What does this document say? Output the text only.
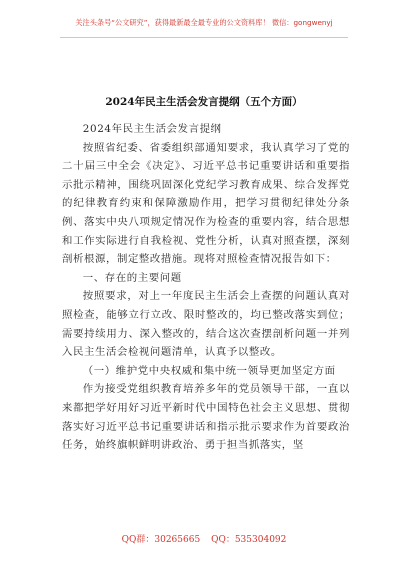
关注头条号“公文研究”，获得最新最全最专业的公文资料库！ 微信：gongwenyj
2024年民主生活会发言提纲（五个方面）

2024年民主生活会发言提纲

按照省纪委、省委组织部通知要求，我认真学习了党的二十届三中全会《决定》、习近平总书记重要讲话和重要指示批示精神，围绕巩固深化党纪学习教育成果、综合发挥党的纪律教育约束和保障激励作用，把学习贯彻纪律处分条例、落实中央八项规定情况作为检查的重要内容，结合思想和工作实际进行自我检视、党性分析，认真对照查摆，深刻剖析根源，制定整改措施。现将对照检查情况报告如下：

一、存在的主要问题

按照要求，对上一年度民主生活会上查摆的问题认真对照检查，能够立行立改、限时整改的，均已整改落实到位；需要持续用力、深入整改的，结合这次查摆剖析问题一并列入民主生活会检视问题清单，认真予以整改。

（一）维护党中央权威和集中统一领导更加坚定方面

作为接受党组织教育培养多年的党员领导干部，一直以来都把学好用好习近平新时代中国特色社会主义思想、贯彻落实好习近平总书记重要讲话和指示批示要求作为首要政治任务，始终旗帜鲜明讲政治、勇于担当抓落实，坚

QQ群：30265665 QQ：535304092
